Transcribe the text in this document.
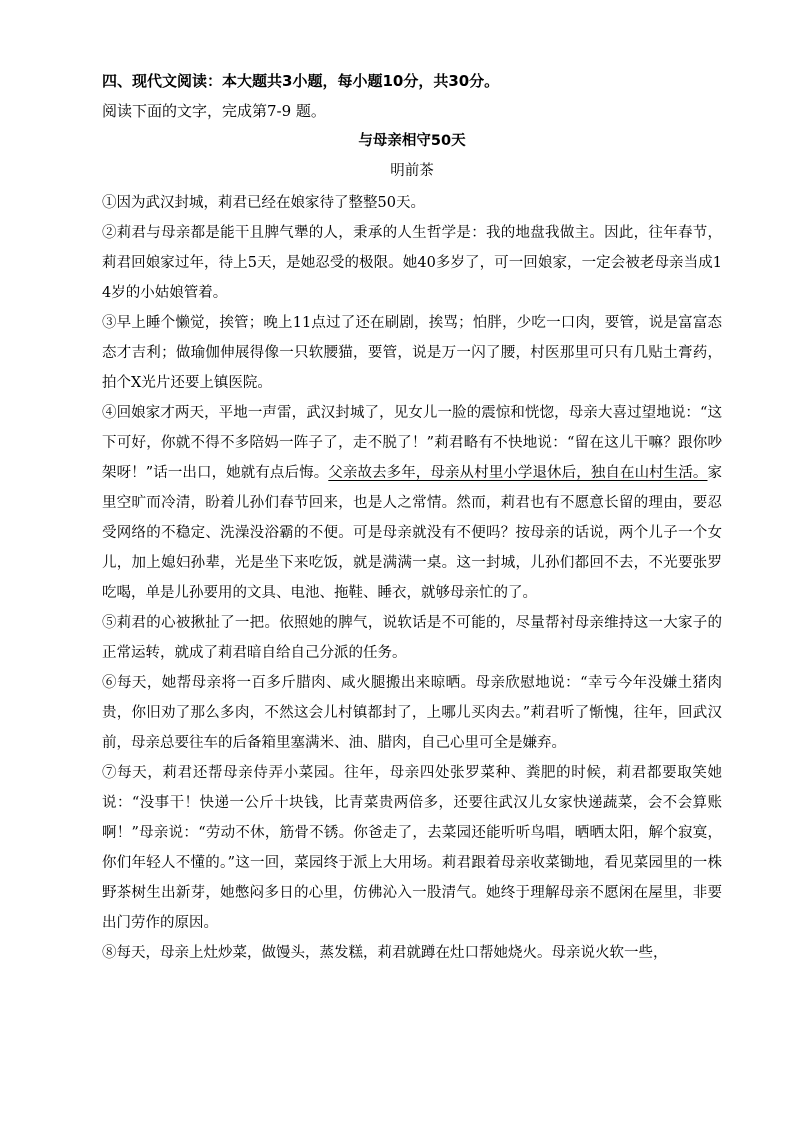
四、现代文阅读：本大题共3小题，每小题10分，共30分。
阅读下面的文字，完成第7-9 题。
与母亲相守50天
明前茶

①因为武汉封城，莉君已经在娘家待了整整50天。

②莉君与母亲都是能干且脾气犟的人，秉承的人生哲学是：我的地盘我做主。因此，往年春节，莉君回娘家过年，待上5天，是她忍受的极限。她40多岁了，可一回娘家，一定会被老母亲当成14岁的小姑娘管着。

③早上睡个懒觉，挨管；晚上11点过了还在刷剧，挨骂；怕胖，少吃一口肉，要管，说是富富态态才吉利；做瑜伽伸展得像一只软腰猫，要管，说是万一闪了腰，村医那里可只有几贴土膏药，拍个X光片还要上镇医院。

④回娘家才两天，平地一声雷，武汉封城了，见女儿一脸的震惊和恍惚，母亲大喜过望地说：“这下可好，你就不得不多陪妈一阵子了，走不脱了！”莉君略有不快地说：“留在这儿干嘛？跟你吵架呀！”话一出口，她就有点后悔。父亲故去多年，母亲从村里小学退休后，独自在山村生活。家里空旷而冷清，盼着儿孙们春节回来，也是人之常情。然而，莉君也有不愿意长留的理由，要忍受网络的不稳定、洗澡没浴霸的不便。可是母亲就没有不便吗？按母亲的话说，两个儿子一个女儿，加上媳妇孙辈，光是坐下来吃饭，就是满满一桌。这一封城，儿孙们都回不去，不光要张罗吃喝，单是儿孙要用的文具、电池、拖鞋、睡衣，就够母亲忙的了。

⑤莉君的心被揪扯了一把。依照她的脾气，说软话是不可能的，尽量帮衬母亲维持这一大家子的正常运转，就成了莉君暗自给自己分派的任务。

⑥每天，她帮母亲将一百多斤腊肉、咸火腿搬出来晾晒。母亲欣慰地说：“幸亏今年没嫌土猪肉贵，你旧劝了那么多肉，不然这会儿村镇都封了，上哪儿买肉去。”莉君听了惭愧，往年，回武汉前，母亲总要往车的后备箱里塞满米、油、腊肉，自己心里可全是嫌弃。

⑦每天，莉君还帮母亲侍弄小菜园。往年，母亲四处张罗菜种、粪肥的时候，莉君都要取笑她说：“没事干！快递一公斤十块钱，比青菜贵两倍多，还要往武汉儿女家快递蔬菜，会不会算账啊！”母亲说：“劳动不休，筋骨不锈。你爸走了，去菜园还能听听鸟唱，晒晒太阳，解个寂寞，你们年轻人不懂的。”这一回，菜园终于派上大用场。莉君跟着母亲收菜锄地，看见菜园里的一株野茶树生出新芽，她憋闷多日的心里，仿佛沁入一股清气。她终于理解母亲不愿闲在屋里，非要出门劳作的原因。

⑧每天，母亲上灶炒菜，做馒头，蒸发糕，莉君就蹲在灶口帮她烧火。母亲说火软一些，
